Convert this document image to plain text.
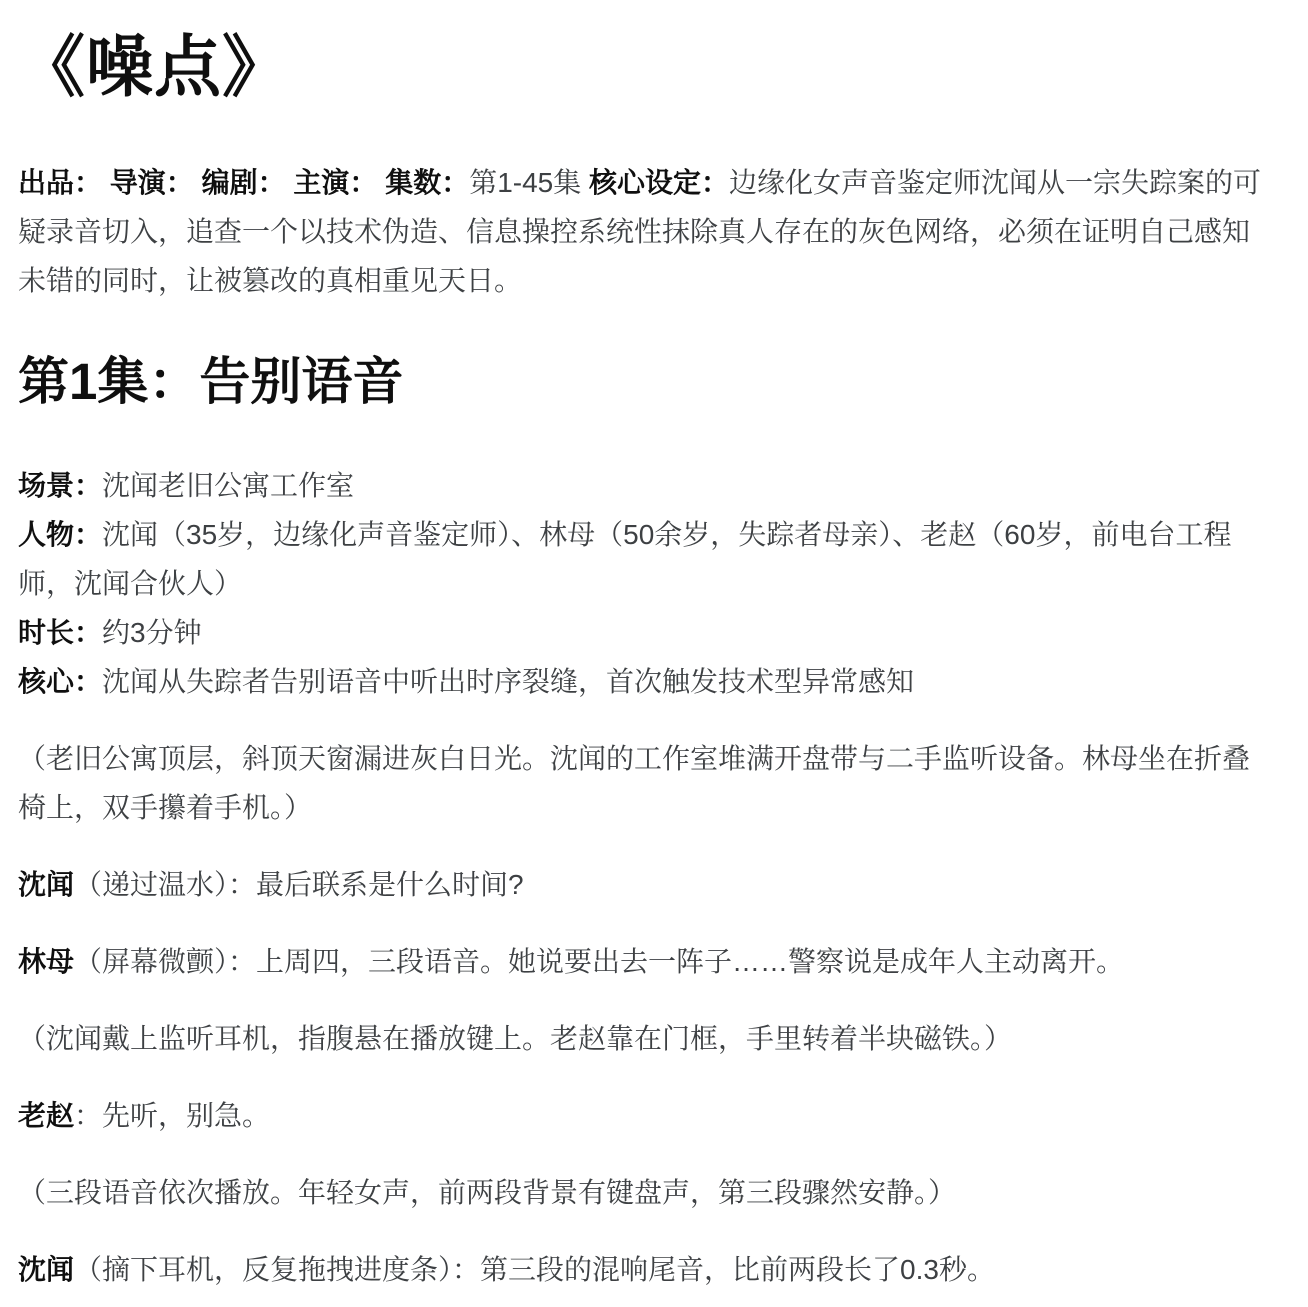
《噪点》

出品： 导演： 编剧： 主演： 集数：第1-45集 核心设定：边缘化女声音鉴定师沈闻从一宗失踪案的可
疑录音切入，追查一个以技术伪造、信息操控系统性抹除真人存在的灰色网络，必须在证明自己感知
未错的同时，让被篡改的真相重见天日。

第1集：告别语音

场景：沈闻老旧公寓工作室
人物：沈闻（35岁，边缘化声音鉴定师）、林母（50余岁，失踪者母亲）、老赵（60岁，前电台工程
师，沈闻合伙人）
时长：约3分钟
核心：沈闻从失踪者告别语音中听出时序裂缝，首次触发技术型异常感知

（老旧公寓顶层，斜顶天窗漏进灰白日光。沈闻的工作室堆满开盘带与二手监听设备。林母坐在折叠
椅上，双手攥着手机。）

沈闻（递过温水）：最后联系是什么时间?

林母（屏幕微颤）：上周四，三段语音。她说要出去一阵子……警察说是成年人主动离开。

（沈闻戴上监听耳机，指腹悬在播放键上。老赵靠在门框，手里转着半块磁铁。）

老赵：先听，别急。

（三段语音依次播放。年轻女声，前两段背景有键盘声，第三段骤然安静。）

沈闻（摘下耳机，反复拖拽进度条）：第三段的混响尾音，比前两段长了0.3秒。
